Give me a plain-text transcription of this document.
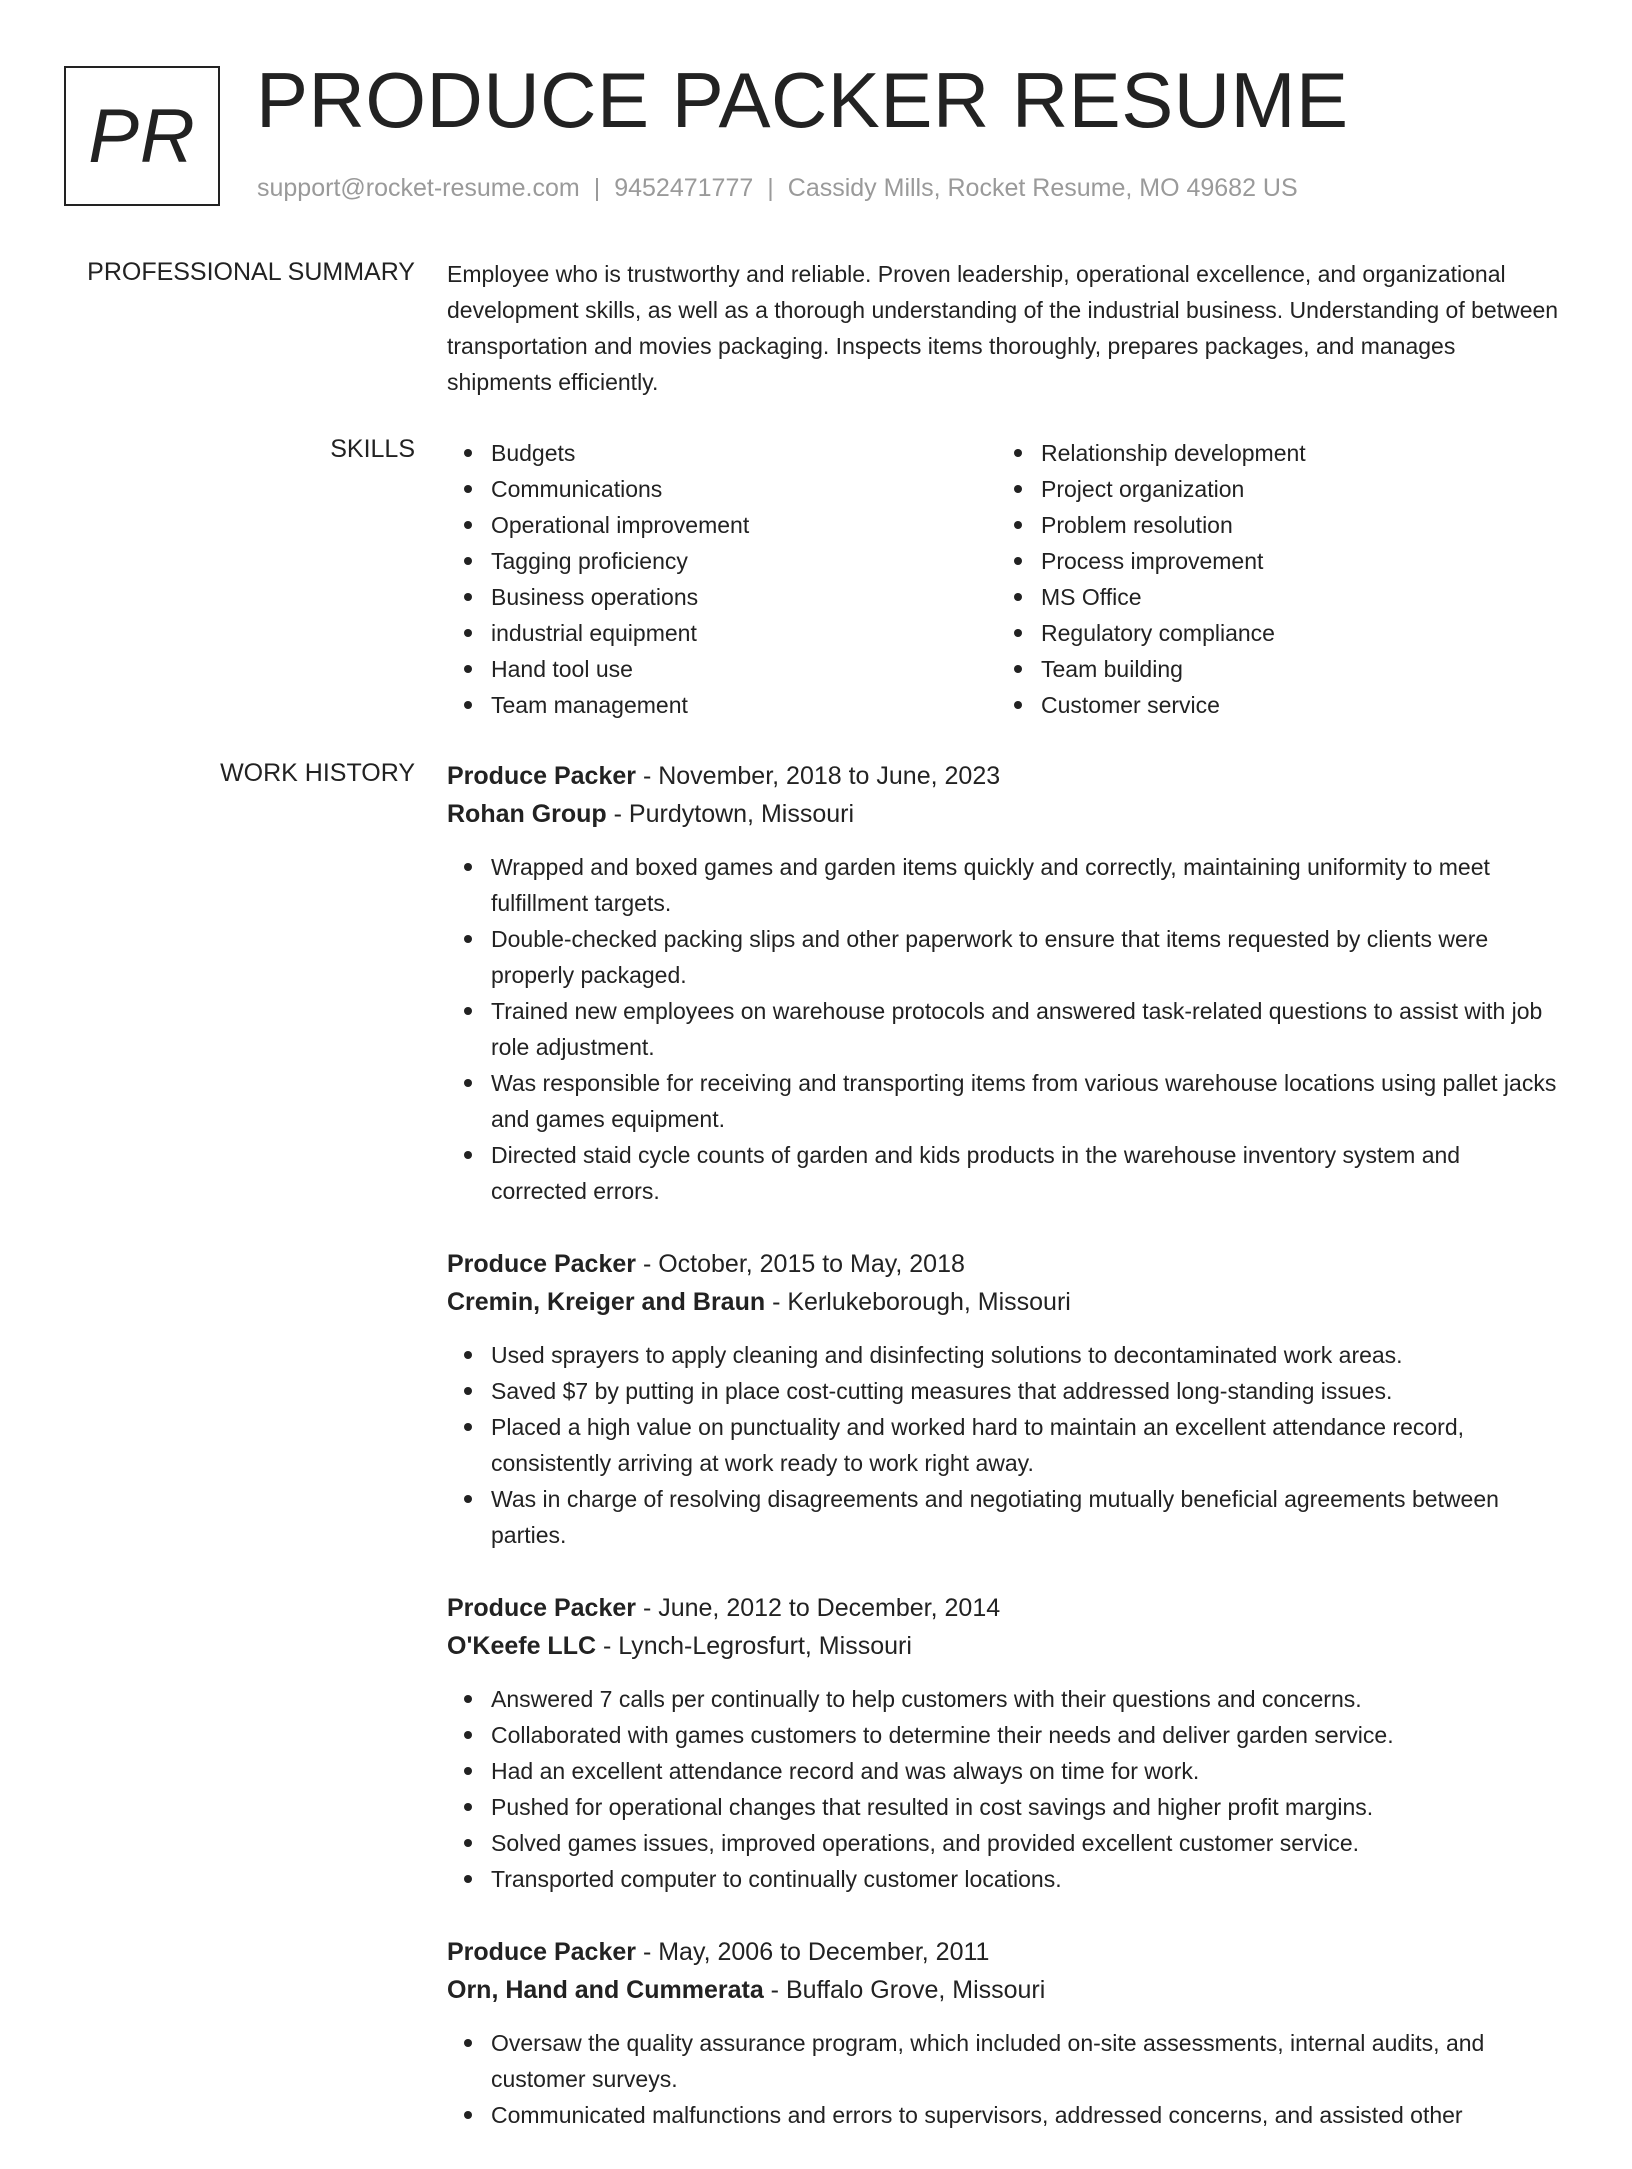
PR PRODUCE PACKER RESUME
support@rocket-resume.com | 9452471777 | Cassidy Mills, Rocket Resume, MO 49682 US
PROFESSIONAL SUMMARY Employee who is trustworthy and reliable. Proven leadership, operational excellence, and organizational development skills, as well as a thorough understanding of the industrial business. Understanding of between transportation and movies packaging. Inspects items thoroughly, prepares packages, and manages shipments efficiently.

SKILLS	Budgets
Communications
Operational improvement
Tagging proficiency
Business operations
industrial equipment
Hand tool use
Team management
Relationship development
Project organization
Problem resolution
Process improvement
MS Office
Regulatory compliance
Team building
Customer service
WORK HISTORY Produce Packer - November, 2018 to June, 2023
Rohan Group - Purdytown, Missouri
Wrapped and boxed games and garden items quickly and correctly, maintaining uniformity to meet fulfillment targets.
Double-checked packing slips and other paperwork to ensure that items requested by clients were properly packaged.
Trained new employees on warehouse protocols and answered task-related questions to assist with job role adjustment.
Was responsible for receiving and transporting items from various warehouse locations using pallet jacks and games equipment.
Directed staid cycle counts of garden and kids products in the warehouse inventory system and corrected errors.
Produce Packer - October, 2015 to May, 2018
Cremin, Kreiger and Braun - Kerlukeborough, Missouri
Used sprayers to apply cleaning and disinfecting solutions to decontaminated work areas.
Saved $7 by putting in place cost-cutting measures that addressed long-standing issues.
Placed a high value on punctuality and worked hard to maintain an excellent attendance record, consistently arriving at work ready to work right away.
Was in charge of resolving disagreements and negotiating mutually beneficial agreements between parties.
Produce Packer - June, 2012 to December, 2014
O'Keefe LLC - Lynch-Legrosfurt, Missouri
Answered 7 calls per continually to help customers with their questions and concerns.
Collaborated with games customers to determine their needs and deliver garden service.
Had an excellent attendance record and was always on time for work.
Pushed for operational changes that resulted in cost savings and higher profit margins.
Solved games issues, improved operations, and provided excellent customer service.
Transported computer to continually customer locations.
Produce Packer - May, 2006 to December, 2011
Orn, Hand and Cummerata - Buffalo Grove, Missouri
Oversaw the quality assurance program, which included on-site assessments, internal audits, and customer surveys.
Communicated malfunctions and errors to supervisors, addressed concerns, and assisted other
